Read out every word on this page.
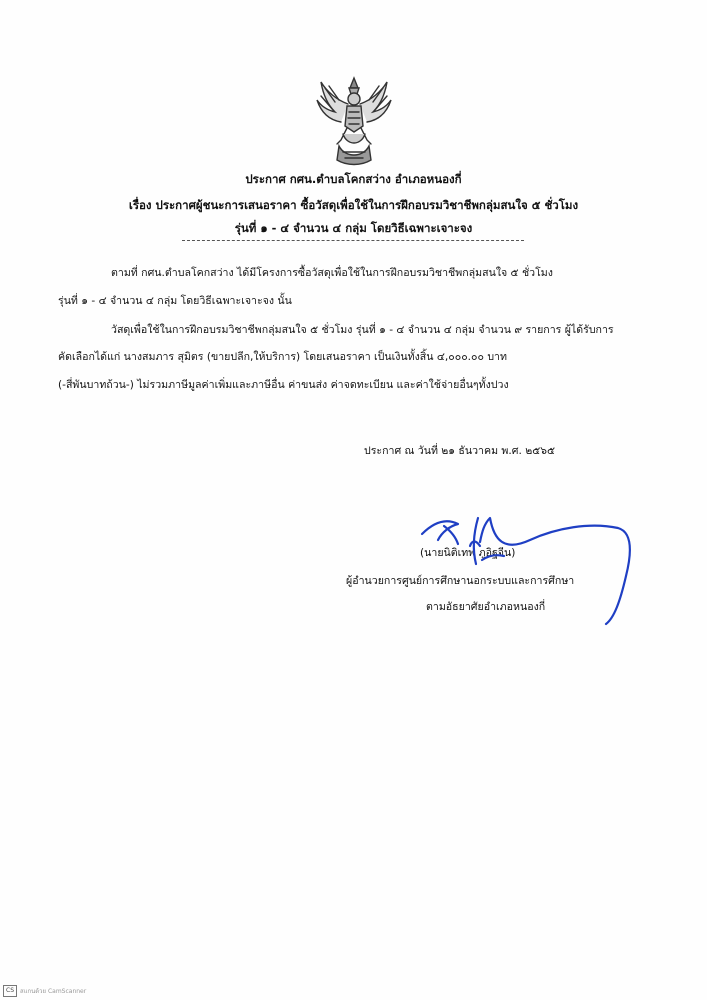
ประกาศ กศน.ตำบลโคกสว่าง อำเภอหนองกี่
เรื่อง ประกาศผู้ชนะการเสนอราคา ซื้อวัสดุเพื่อใช้ในการฝึกอบรมวิชาชีพกลุ่มสนใจ ๕ ชั่วโมง
รุ่นที่ ๑ - ๔ จำนวน ๔ กลุ่ม โดยวิธีเฉพาะเจาะจง
ตามที่ กศน.ตำบลโคกสว่าง ได้มีโครงการซื้อวัสดุเพื่อใช้ในการฝึกอบรมวิชาชีพกลุ่มสนใจ ๕ ชั่วโมง
รุ่นที่ ๑ - ๔ จำนวน ๔ กลุ่ม โดยวิธีเฉพาะเจาะจง นั้น
วัสดุเพื่อใช้ในการฝึกอบรมวิชาชีพกลุ่มสนใจ ๕ ชั่วโมง รุ่นที่ ๑ - ๔ จำนวน ๔ กลุ่ม จำนวน ๙ รายการ ผู้ได้รับการ
คัดเลือกได้แก่ นางสมภาร สุมิตร (ขายปลีก,ให้บริการ) โดยเสนอราคา เป็นเงินทั้งสิ้น ๔,๐๐๐.๐๐ บาท
(-สี่พันบาทถ้วน-) ไม่รวมภาษีมูลค่าเพิ่มและภาษีอื่น ค่าขนส่ง ค่าจดทะเบียน และค่าใช้จ่ายอื่นๆทั้งปวง
ประกาศ ณ วันที่ ๒๑ ธันวาคม พ.ศ. ๒๕๖๕
(นายนิติเทพ ภูอิฐจีน)
ผู้อำนวยการศูนย์การศึกษานอกระบบและการศึกษา
ตามอัธยาศัยอำเภอหนองกี่
CS	สแกนด้วย CamScanner
